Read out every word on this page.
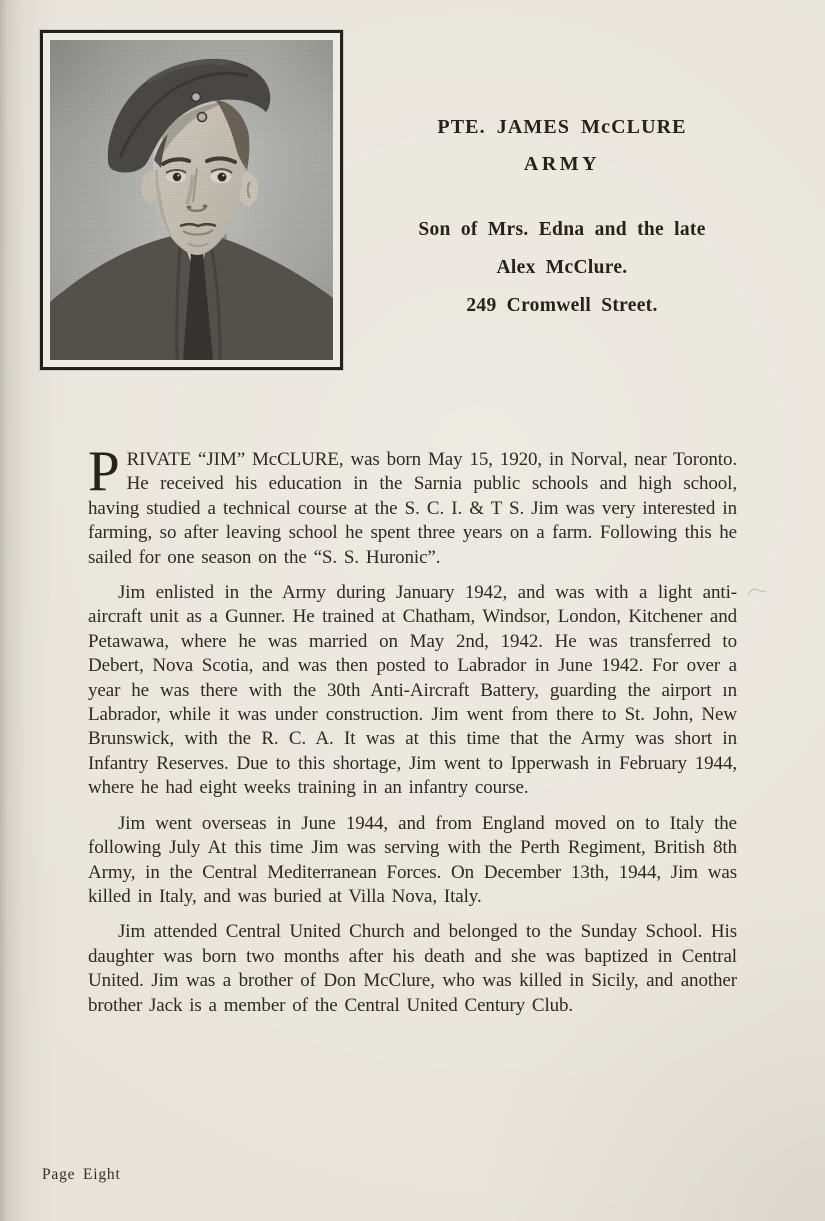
PTE. JAMES McCLURE
ARMY
Son of Mrs. Edna and the late
Alex McClure.
249 Cromwell Street.

PRIVATE “JIM” McCLURE, was born May 15, 1920, in Norval, near Toronto. He received his education in the Sarnia public schools and high school, having studied a technical course at the S. C. I. & T S. Jim was very interested in farming, so after leaving school he spent three years on a farm. Following this he sailed for one season on the “S. S. Huronic”.

Jim enlisted in the Army during January 1942, and was with a light anti-aircraft unit as a Gunner. He trained at Chatham, Windsor, London, Kitchener and Petawawa, where he was married on May 2nd, 1942. He was transferred to Debert, Nova Scotia, and was then posted to Labrador in June 1942. For over a year he was there with the 30th Anti-Aircraft Battery, guarding the airport ın Labrador, while it was under construction. Jim went from there to St. John, New Brunswick, with the R. C. A. It was at this time that the Army was short in Infantry Reserves. Due to this shortage, Jim went to Ipperwash in February 1944, where he had eight weeks training in an infantry course.

Jim went overseas in June 1944, and from England moved on to Italy the following July At this time Jim was serving with the Perth Regiment, British 8th Army, in the Central Mediterranean Forces. On December 13th, 1944, Jim was killed in Italy, and was buried at Villa Nova, Italy.

Jim attended Central United Church and belonged to the Sunday School. His daughter was born two months after his death and she was baptized in Central United. Jim was a brother of Don McClure, who was killed in Sicily, and another brother Jack is a member of the Central United Century Club.

Page Eight
